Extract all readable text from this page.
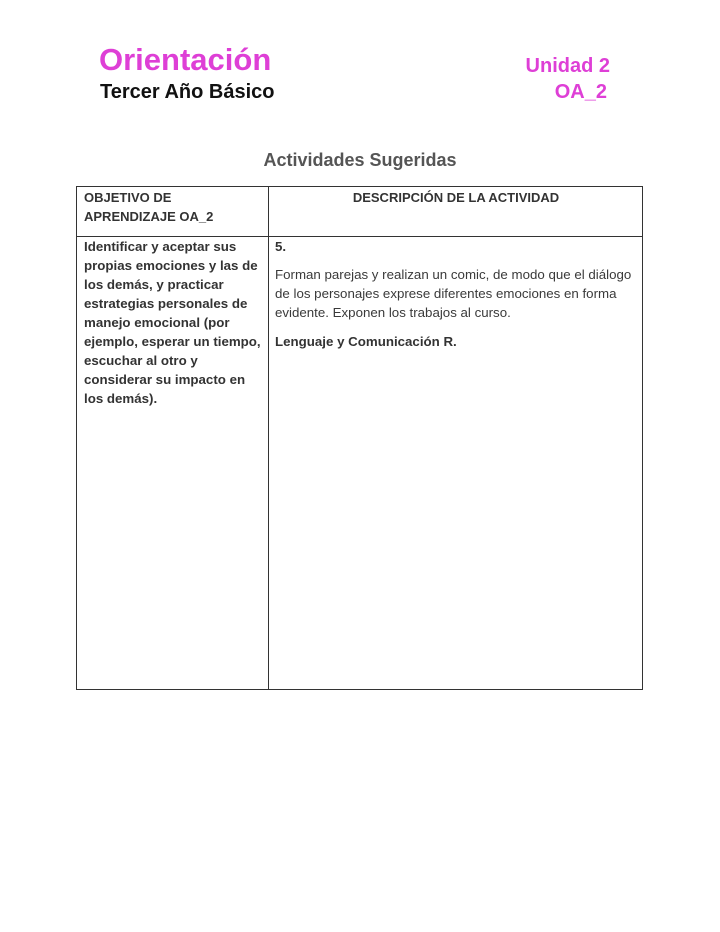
Orientación
Tercer Año Básico
Unidad 2
OA_2
Actividades Sugeridas
OBJETIVO DE APRENDIZAJE OA_2
DESCRIPCIÓN DE LA ACTIVIDAD
Identificar y aceptar sus propias emociones y las de los demás, y practicar estrategias personales de manejo emocional (por ejemplo, esperar un tiempo, escuchar al otro y considerar su impacto en los demás).

5.

Forman parejas y realizan un comic, de modo que el diálogo de los personajes exprese diferentes emociones en forma evidente. Exponen los trabajos al curso.

Lenguaje y Comunicación R.
